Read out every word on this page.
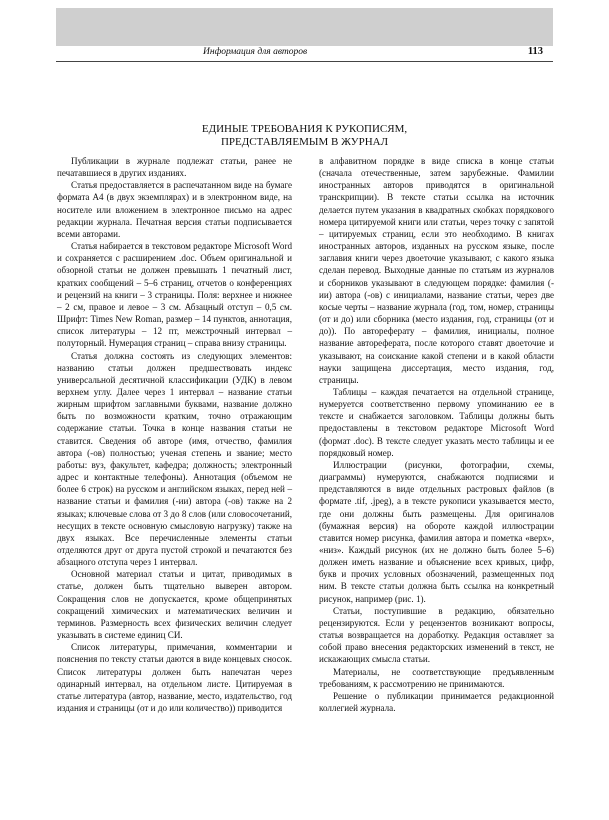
Информация для авторов	113
ЕДИНЫЕ ТРЕБОВАНИЯ К РУКОПИСЯМ,
ПРЕДСТАВЛЯЕМЫМ В ЖУРНАЛ

Публикации в журнале подлежат статьи, ранее не печатавшиеся в других изданиях.

Статья предоставляется в распечатанном виде на бумаге формата А4 (в двух экземплярах) и в электронном виде, на носителе или вложением в электронное письмо на адрес редакции журнала. Печатная версия статьи подписывается всеми авторами.

Статья набирается в текстовом редакторе Microsoft Word и сохраняется с расширением .doc. Объем оригинальной и обзорной статьи не должен превышать 1 печатный лист, кратких сообщений – 5–6 страниц, отчетов о конференциях и рецензий на книги – 3 страницы. Поля: верхнее и нижнее – 2 см, правое и левое – 3 см. Абзацный отступ – 0,5 см. Шрифт: Times New Roman, размер – 14 пунктов, аннотация, список литературы – 12 пт, межстрочный интервал – полуторный. Нумерация страниц – справа внизу страницы.

Статья должна состоять из следующих элементов: названию статьи должен предшествовать индекс универсальной десятичной классификации (УДК) в левом верхнем углу. Далее через 1 интервал – название статьи жирным шрифтом заглавными буквами, название должно быть по возможности кратким, точно отражающим содержание статьи. Точка в конце названия статьи не ставится. Сведения об авторе (имя, отчество, фамилия автора (-ов) полностью; ученая степень и звание; место работы: вуз, факультет, кафедра; должность; электронный адрес и контактные телефоны). Аннотация (объемом не более 6 строк) на русском и английском языках, перед ней – название статьи и фамилия (-ии) автора (-ов) также на 2 языках; ключевые слова от 3 до 8 слов (или словосочетаний, несущих в тексте основную смысловую нагрузку) также на двух языках. Все перечисленные элементы статьи отделяются друг от друга пустой строкой и печатаются без абзацного отступа через 1 интервал.

Основной материал статьи и цитат, приводимых в статье, должен быть тщательно выверен автором. Сокращения слов не допускается, кроме общепринятых сокращений химических и математических величин и терминов. Размерность всех физических величин следует указывать в системе единиц СИ.

Список литературы, примечания, комментарии и пояснения по тексту статьи даются в виде концевых сносок. Список литературы должен быть напечатан через одинарный интервал, на отдельном листе. Цитируемая в статье литература (автор, название, место, издательство, год издания и страницы (от и до или количество)) приводится

в алфавитном порядке в виде списка в конце статьи (сначала отечественные, затем зарубежные. Фамилии иностранных авторов приводятся в оригинальной транскрипции). В тексте статьи ссылка на источник делается путем указания в квадратных скобках порядкового номера цитируемой книги или статьи, через точку с запятой – цитируемых страниц, если это необходимо. В книгах иностранных авторов, изданных на русском языке, после заглавия книги через двоеточие указывают, с какого языка сделан перевод. Выходные данные по статьям из журналов и сборников указывают в следующем порядке: фамилия (-ии) автора (-ов) с инициалами, название статьи, через две косые черты – название журнала (год, том, номер, страницы (от и до) или сборника (место издания, год, страницы (от и до)). По автореферату – фамилия, инициалы, полное название автореферата, после которого ставят двоеточие и указывают, на соискание какой степени и в какой области науки защищена диссертация, место издания, год, страницы.

Таблицы – каждая печатается на отдельной странице, нумеруется соответственно первому упоминанию ее в тексте и снабжается заголовком. Таблицы должны быть предоставлены в текстовом редакторе Microsoft Word (формат .doc). В тексте следует указать место таблицы и ее порядковый номер.

Иллюстрации (рисунки, фотографии, схемы, диаграммы) нумеруются, снабжаются подписями и представляются в виде отдельных растровых файлов (в формате .tif, .jpeg), а в тексте рукописи указывается место, где они должны быть размещены. Для оригиналов (бумажная версия) на обороте каждой иллюстрации ставится номер рисунка, фамилия автора и пометка «верх», «низ». Каждый рисунок (их не должно быть более 5–6) должен иметь название и объяснение всех кривых, цифр, букв и прочих условных обозначений, размещенных под ним. В тексте статьи должна быть ссылка на конкретный рисунок, например (рис. 1).

Статьи, поступившие в редакцию, обязательно рецензируются. Если у рецензентов возникают вопросы, статья возвращается на доработку. Редакция оставляет за собой право внесения редакторских изменений в текст, не искажающих смысла статьи.

Материалы, не соответствующие предъявленным требованиям, к рассмотрению не принимаются.

Решение о публикации принимается редакционной коллегией журнала.
